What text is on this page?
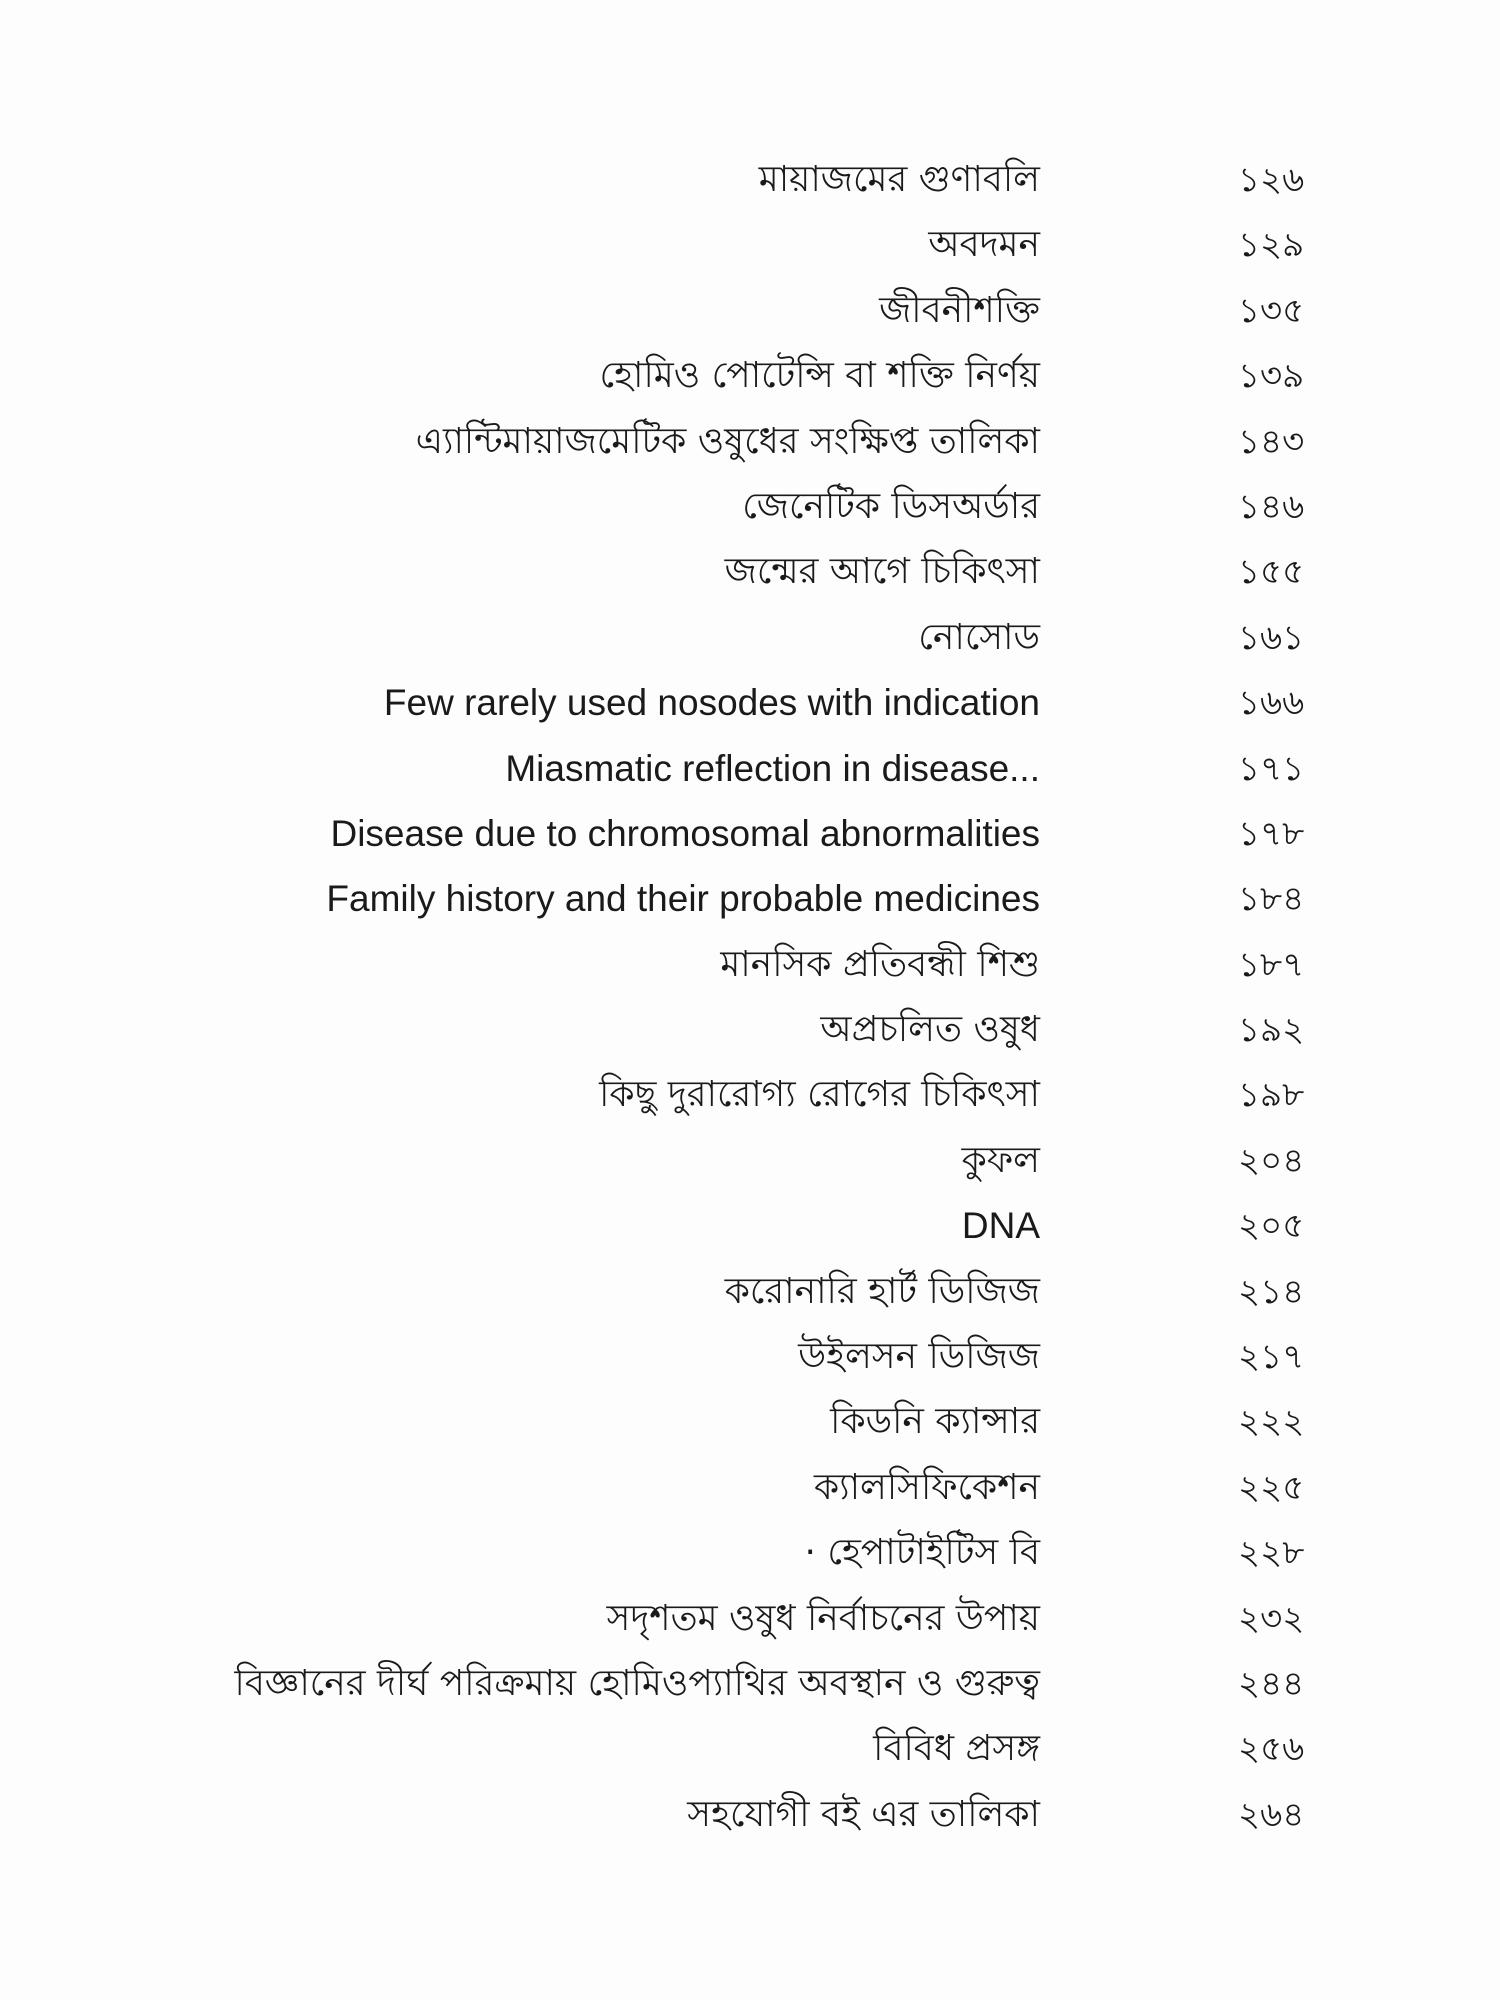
মায়াজমের গুণাবলি	১২৬
অবদমন	১২৯
জীবনীশক্তি	১৩৫
হোমিও পোটেন্সি বা শক্তি নির্ণয়	১৩৯
এ্যান্টিমায়াজমেটিক ওষুধের সংক্ষিপ্ত তালিকা	১৪৩
জেনেটিক ডিসঅর্ডার	১৪৬
জন্মের আগে চিকিৎসা	১৫৫
নোসোড	১৬১
Few rarely used nosodes with indication	১৬৬
Miasmatic reflection in disease...	১৭১
Disease due to chromosomal abnormalities	১৭৮
Family history and their probable medicines	১৮৪
মানসিক প্রতিবন্ধী শিশু	১৮৭
অপ্রচলিত ওষুধ	১৯২
কিছু দুরারোগ্য রোগের চিকিৎসা	১৯৮
কুফল	২০৪
DNA	২০৫
করোনারি হার্ট ডিজিজ	২১৪
উইলসন ডিজিজ	২১৭
কিডনি ক্যান্সার	২২২
ক্যালসিফিকেশন	২২৫
· হেপাটাইটিস বি	২২৮
সদৃশতম ওষুধ নির্বাচনের উপায়	২৩২
বিজ্ঞানের দীর্ঘ পরিক্রমায় হোমিওপ্যাথির অবস্থান ও গুরুত্ব	২৪৪
বিবিধ প্রসঙ্গ	২৫৬
সহযোগী বই এর তালিকা	২৬৪
